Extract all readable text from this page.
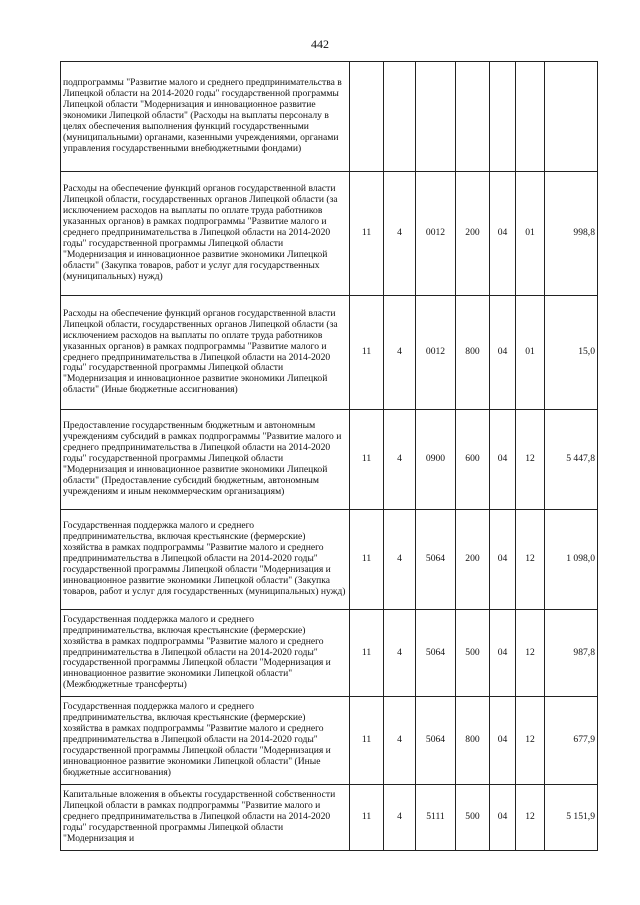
442
подпрограммы "Развитие малого и среднего предпринимательства в Липецкой области на 2014-2020 годы" государственной программы Липецкой области "Модернизация и инновационное развитие экономики Липецкой области" (Расходы на выплаты персоналу в целях обеспечения выполнения функций государственными (муниципальными) органами, казенными учреждениями, органами управления государственными внебюджетными фондами)							
Расходы на обеспечение функций органов государственной власти Липецкой области, государственных органов Липецкой области (за исключением расходов на выплаты по оплате труда работников указанных органов) в рамках подпрограммы "Развитие малого и среднего предпринимательства в Липецкой области на 2014-2020 годы" государственной программы Липецкой области "Модернизация и инновационное развитие экономики Липецкой области" (Закупка товаров, работ и услуг для государственных (муниципальных) нужд)	11	4	0012	200	04	01	998,8
Расходы на обеспечение функций органов государственной власти Липецкой области, государственных органов Липецкой области (за исключением расходов на выплаты по оплате труда работников указанных органов) в рамках подпрограммы "Развитие малого и среднего предпринимательства в Липецкой области на 2014-2020 годы" государственной программы Липецкой области "Модернизация и инновационное развитие экономики Липецкой области" (Иные бюджетные ассигнования)	11	4	0012	800	04	01	15,0
Предоставление государственным бюджетным и автономным учреждениям субсидий в рамках подпрограммы "Развитие малого и среднего предпринимательства в Липецкой области на 2014-2020 годы" государственной программы Липецкой области "Модернизация и инновационное развитие экономики Липецкой области" (Предоставление субсидий бюджетным, автономным учреждениям и иным некоммерческим организациям)	11	4	0900	600	04	12	5 447,8
Государственная поддержка малого и среднего предпринимательства, включая крестьянские (фермерские) хозяйства в рамках подпрограммы "Развитие малого и среднего предпринимательства в Липецкой области на 2014-2020 годы" государственной программы Липецкой области "Модернизация и инновационное развитие экономики Липецкой области" (Закупка товаров, работ и услуг для государственных (муниципальных) нужд)	11	4	5064	200	04	12	1 098,0
Государственная поддержка малого и среднего предпринимательства, включая крестьянские (фермерские) хозяйства в рамках подпрограммы "Развитие малого и среднего предпринимательства в Липецкой области на 2014-2020 годы" государственной программы Липецкой области "Модернизация и инновационное развитие экономики Липецкой области" (Межбюджетные трансферты)	11	4	5064	500	04	12	987,8
Государственная поддержка малого и среднего предпринимательства, включая крестьянские (фермерские) хозяйства в рамках подпрограммы "Развитие малого и среднего предпринимательства в Липецкой области на 2014-2020 годы" государственной программы Липецкой области "Модернизация и инновационное развитие экономики Липецкой области" (Иные бюджетные ассигнования)	11	4	5064	800	04	12	677,9
Капитальные вложения в объекты государственной собственности Липецкой области в рамках подпрограммы "Развитие малого и среднего предпринимательства в Липецкой области на 2014-2020 годы" государственной программы Липецкой области "Модернизация и	11	4	5111	500	04	12	5 151,9
